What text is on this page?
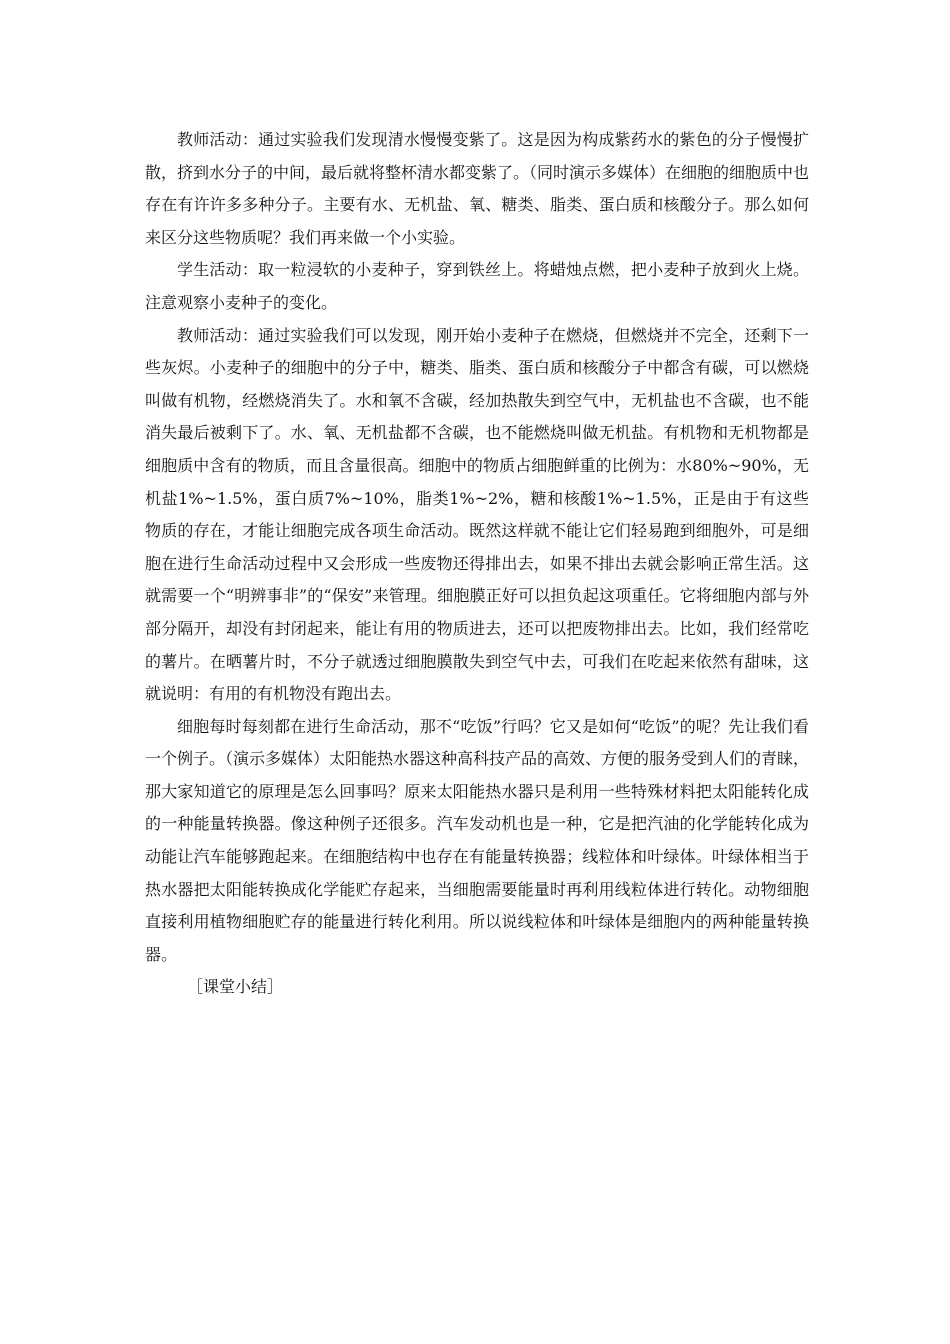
教师活动：通过实验我们发现清水慢慢变紫了。这是因为构成紫药水的紫色的分子慢慢扩散，挤到水分子的中间，最后就将整杯清水都变紫了。（同时演示多媒体）在细胞的细胞质中也存在有许许多多种分子。主要有水、无机盐、氧、糖类、脂类、蛋白质和核酸分子。那么如何来区分这些物质呢？我们再来做一个小实验。

学生活动：取一粒浸软的小麦种子，穿到铁丝上。将蜡烛点燃，把小麦种子放到火上烧。注意观察小麦种子的变化。

教师活动：通过实验我们可以发现，刚开始小麦种子在燃烧，但燃烧并不完全，还剩下一些灰烬。小麦种子的细胞中的分子中，糖类、脂类、蛋白质和核酸分子中都含有碳，可以燃烧叫做有机物，经燃烧消失了。水和氧不含碳，经加热散失到空气中，无机盐也不含碳，也不能消失最后被剩下了。水、氧、无机盐都不含碳，也不能燃烧叫做无机盐。有机物和无机物都是细胞质中含有的物质，而且含量很高。细胞中的物质占细胞鲜重的比例为：水80%~90%，无机盐1%~1.5%，蛋白质7%~10%，脂类1%~2%，糖和核酸1%~1.5%，正是由于有这些物质的存在，才能让细胞完成各项生命活动。既然这样就不能让它们轻易跑到细胞外，可是细胞在进行生命活动过程中又会形成一些废物还得排出去，如果不排出去就会影响正常生活。这就需要一个“明辨事非”的“保安”来管理。细胞膜正好可以担负起这项重任。它将细胞内部与外部分隔开，却没有封闭起来，能让有用的物质进去，还可以把废物排出去。比如，我们经常吃的薯片。在晒薯片时，不分子就透过细胞膜散失到空气中去，可我们在吃起来依然有甜味，这就说明：有用的有机物没有跑出去。

细胞每时每刻都在进行生命活动，那不“吃饭”行吗？它又是如何“吃饭”的呢？先让我们看一个例子。（演示多媒体）太阳能热水器这种高科技产品的高效、方便的服务受到人们的青睐，那大家知道它的原理是怎么回事吗？原来太阳能热水器只是利用一些特殊材料把太阳能转化成的一种能量转换器。像这种例子还很多。汽车发动机也是一种，它是把汽油的化学能转化成为动能让汽车能够跑起来。在细胞结构中也存在有能量转换器；线粒体和叶绿体。叶绿体相当于热水器把太阳能转换成化学能贮存起来，当细胞需要能量时再利用线粒体进行转化。动物细胞直接利用植物细胞贮存的能量进行转化利用。所以说线粒体和叶绿体是细胞内的两种能量转换器。

［课堂小结］
